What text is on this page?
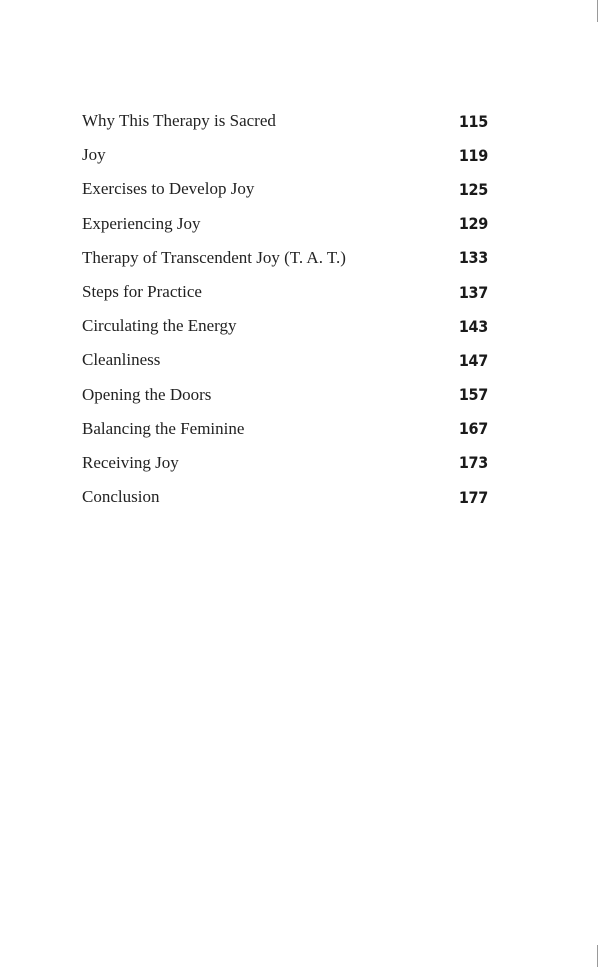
Why This Therapy is Sacred	115
Joy	119
Exercises to Develop Joy	125
Experiencing Joy	129
Therapy of Transcendent Joy (T. A. T.)	133
Steps for Practice	137
Circulating the Energy	143
Cleanliness	147
Opening the Doors	157
Balancing the Feminine	167
Receiving Joy	173
Conclusion	177
